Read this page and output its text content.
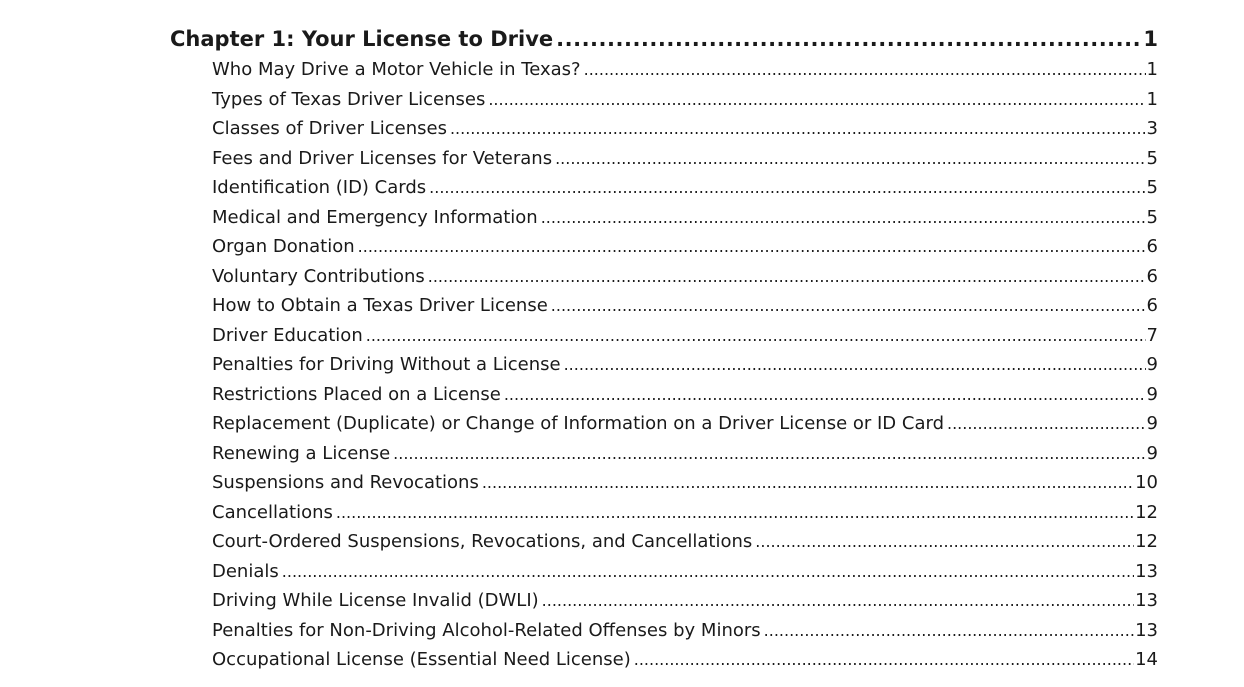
Chapter 1: Your License to Drive .....	1
Who May Drive a Motor Vehicle in Texas? .....	1
Types of Texas Driver Licenses .....	1
Classes of Driver Licenses .....	3
Fees and Driver Licenses for Veterans .....	5
Identification (ID) Cards .....	5
Medical and Emergency Information .....	5
Organ Donation .....	6
Voluntary Contributions .....	6
How to Obtain a Texas Driver License .....	6
Driver Education .....	7
Penalties for Driving Without a License .....	9
Restrictions Placed on a License .....	9
Replacement (Duplicate) or Change of Information on a Driver License or ID Card .....	9
Renewing a License .....	9
Suspensions and Revocations .....	10
Cancellations .....	12
Court-Ordered Suspensions, Revocations, and Cancellations .....	12
Denials .....	13
Driving While License Invalid (DWLI) .....	13
Penalties for Non-Driving Alcohol-Related Offenses by Minors .....	13
Occupational License (Essential Need License) .....	14
